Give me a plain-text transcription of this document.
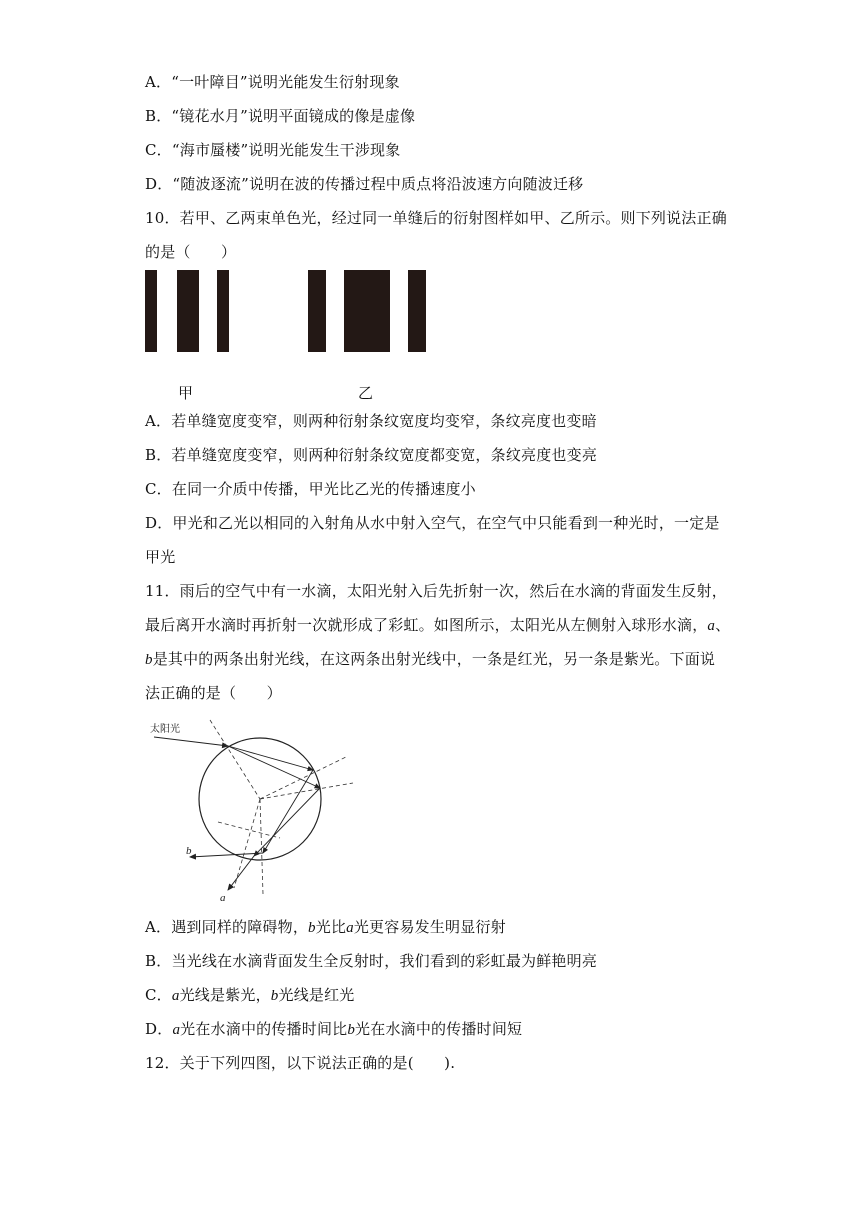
A．“一叶障目”说明光能发生衍射现象
B．“镜花水月”说明平面镜成的像是虚像
C．“海市蜃楼”说明光能发生干涉现象
D．“随波逐流”说明在波的传播过程中质点将沿波速方向随波迁移
10．若甲、乙两束单色光，经过同一单缝后的衍射图样如甲、乙所示。则下列说法正确
的是（　　）
甲	乙
A．若单缝宽度变窄，则两种衍射条纹宽度均变窄，条纹亮度也变暗
B．若单缝宽度变窄，则两种衍射条纹宽度都变宽，条纹亮度也变亮
C．在同一介质中传播，甲光比乙光的传播速度小
D．甲光和乙光以相同的入射角从水中射入空气，在空气中只能看到一种光时，一定是
甲光
11．雨后的空气中有一水滴，太阳光射入后先折射一次，然后在水滴的背面发生反射，
最后离开水滴时再折射一次就形成了彩虹。如图所示，太阳光从左侧射入球形水滴，a、
b是其中的两条出射光线，在这两条出射光线中，一条是红光，另一条是紫光。下面说
法正确的是（　　）
太阳光
b
a
A．遇到同样的障碍物，b光比a光更容易发生明显衍射
B．当光线在水滴背面发生全反射时，我们看到的彩虹最为鲜艳明亮
C．a光线是紫光，b光线是红光
D．a光在水滴中的传播时间比b光在水滴中的传播时间短
12．关于下列四图，以下说法正确的是(　　).
